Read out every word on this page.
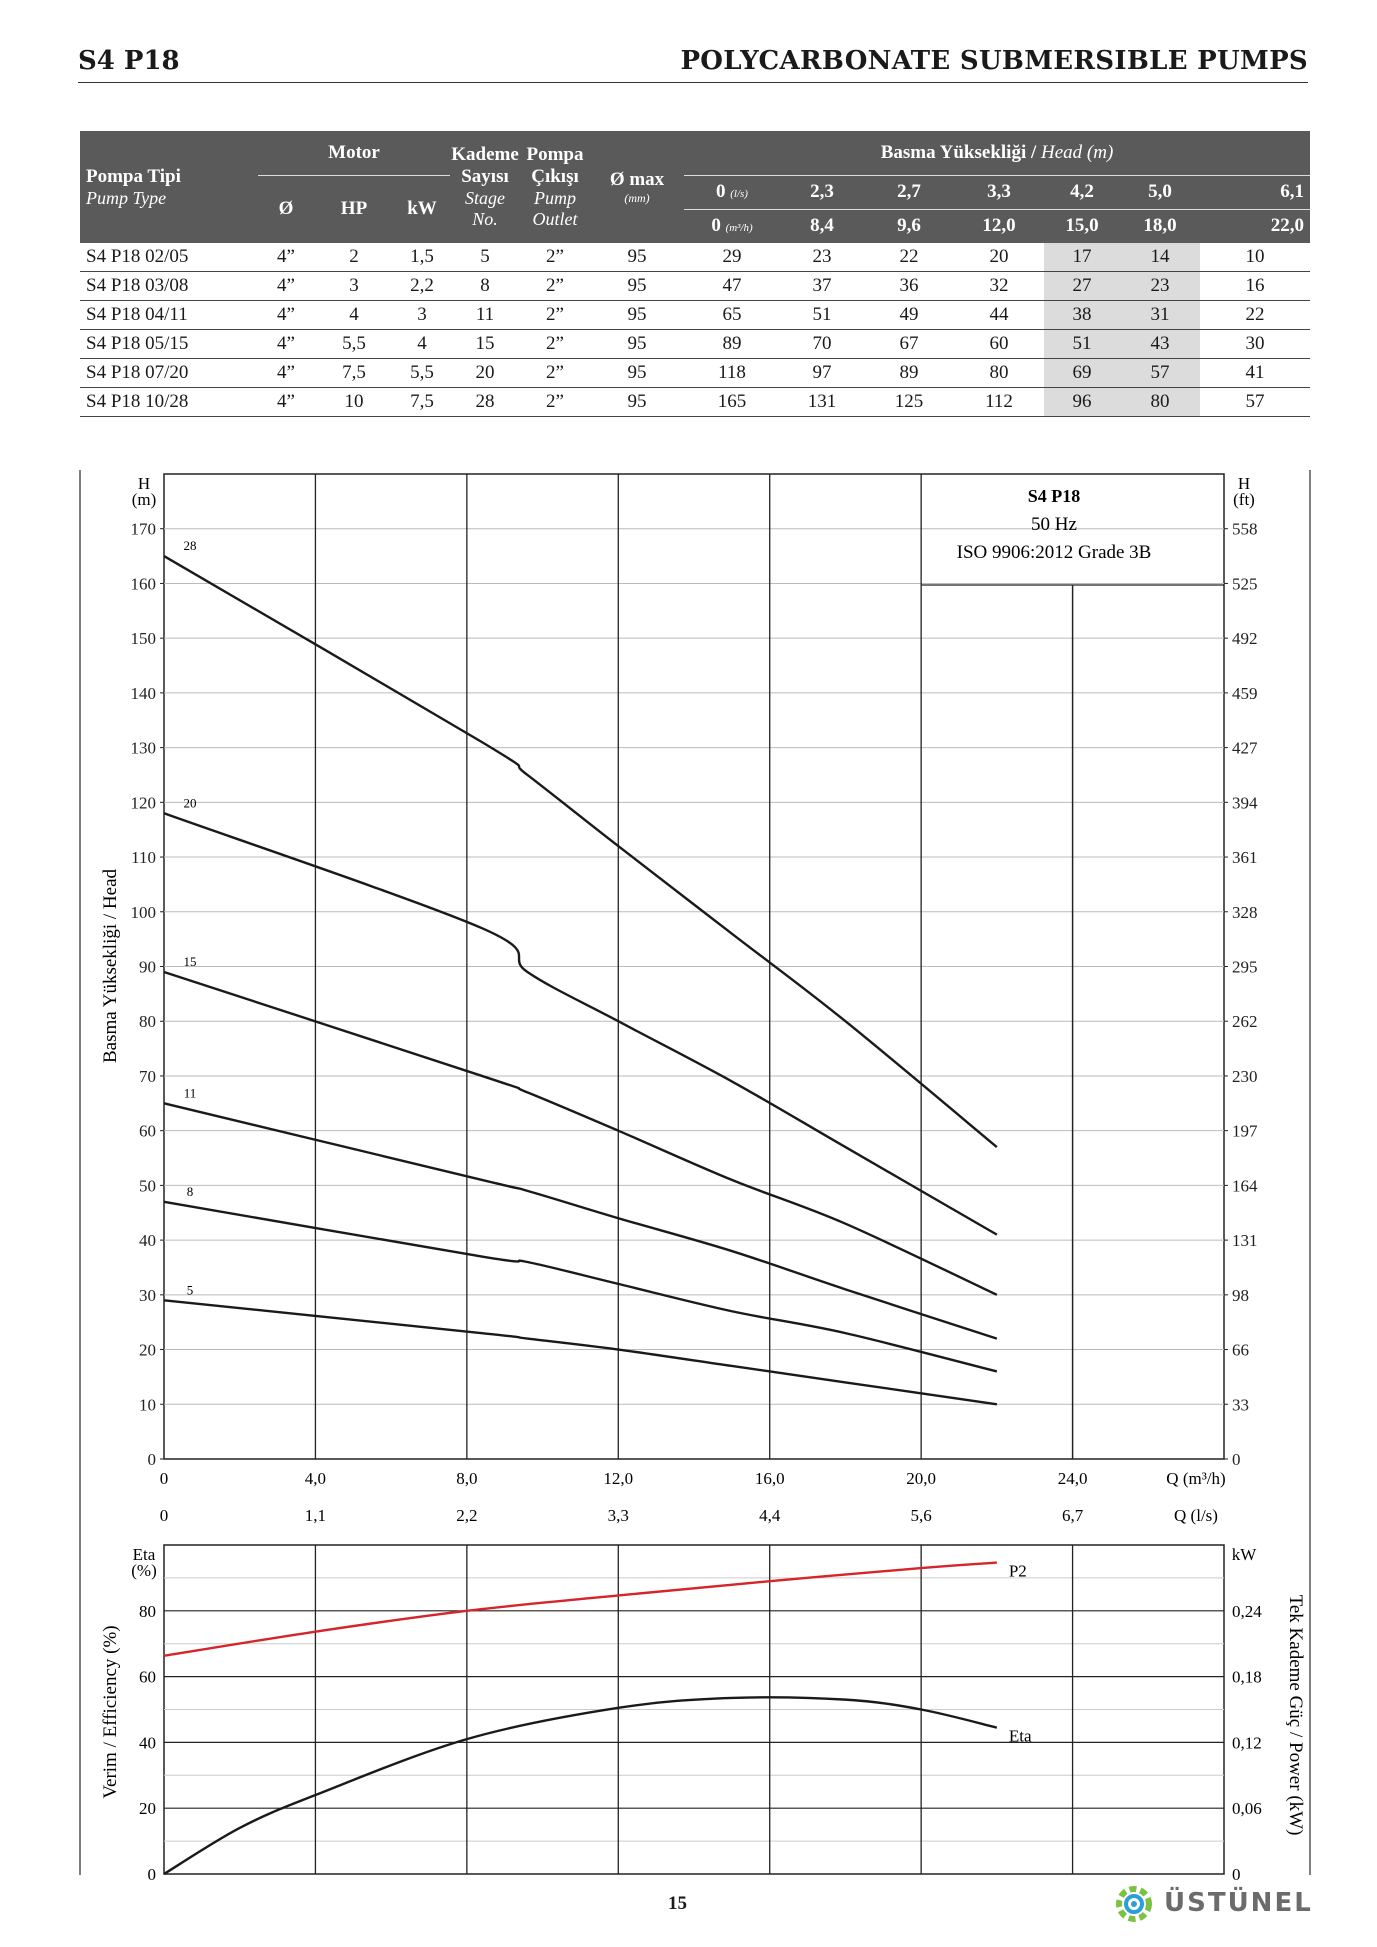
S4 P18	POLYCARBONATE SUBMERSIBLE PUMPS
Pompa Tipi
Pump Type	Motor			Kademe
Sayısı
Stage
No.	Pompa
Çıkışı
Pump
Outlet	Ø max
(mm)	Basma Yüksekliği / Head (m)						
	Ø	HP	kW				0 (l/s)	2,3	2,7	3,3	4,2	5,0	6,1
							0 (m³/h)	8,4	9,6	12,0	15,0	18,0	22,0
S4 P18 02/05	4”	2	1,5	5	2”	95	29	23	22	20	17	14	10
S4 P18 03/08	4”	3	2,2	8	2”	95	47	37	36	32	27	23	16
S4 P18 04/11	4”	4	3	11	2”	95	65	51	49	44	38	31	22
S4 P18 05/15	4”	5,5	4	15	2”	95	89	70	67	60	51	43	30
S4 P18 07/20	4”	7,5	5,5	20	2”	95	118	97	89	80	69	57	41
S4 P18 10/28	4”	10	7,5	28	2”	95	165	131	125	112	96	80	57
0
10
20
30
40
50
60
70
80
90
100
110
120
130
140
150
160
170
0
33
66
98
131
164
197
230
262
295
328
361
394
427
459
492
525
558
H
(m)
H
(ft)
Basma Yüksekliği / Head
0	4,0	8,0	12,0	16,0	20,0	24,0
0	1,1	2,2	3,3	4,4	5,6	6,7
Q (m³/h)
Q (l/s)
S4 P18
50 Hz
ISO 9906:2012 Grade 3B
5
8
11
15
20
28
0
20
40
60
80
0
0,06
0,12
0,18
0,24
Eta
(%)
kW
Verim / Efficiency (%)	Tek Kademe Güç / Power (kW)
P2
Eta
15	ÜSTÜNEL
